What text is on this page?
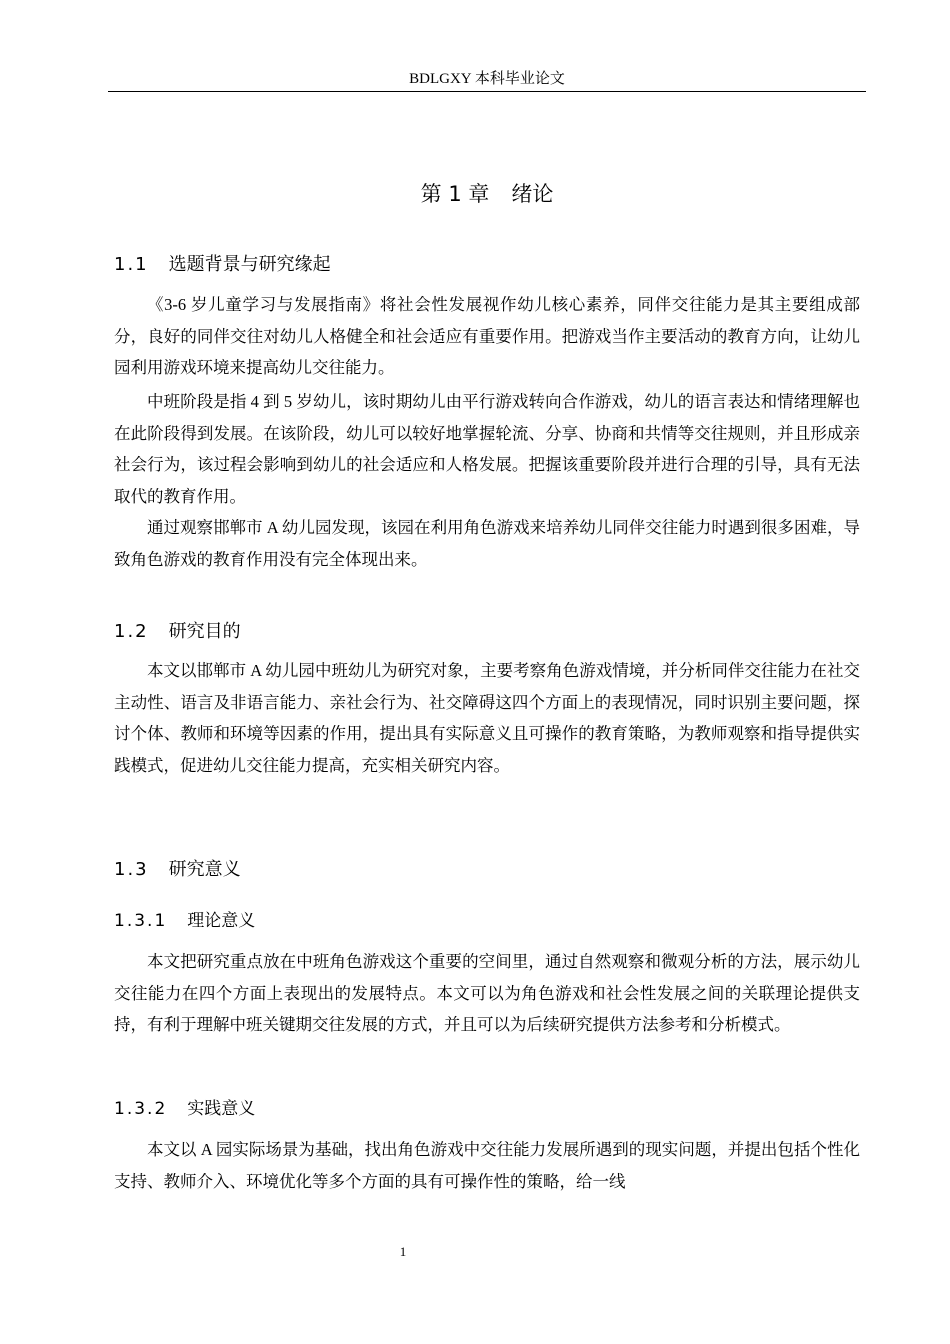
BDLGXY 本科毕业论文
第 1 章 绪论
1.1 选题背景与研究缘起

《3-6 岁儿童学习与发展指南》将社会性发展视作幼儿核心素养，同伴交往能力是其主要组成部分，良好的同伴交往对幼儿人格健全和社会适应有重要作用。把游戏当作主要活动的教育方向，让幼儿园利用游戏环境来提高幼儿交往能力。

中班阶段是指 4 到 5 岁幼儿，该时期幼儿由平行游戏转向合作游戏，幼儿的语言表达和情绪理解也在此阶段得到发展。在该阶段，幼儿可以较好地掌握轮流、分享、协商和共情等交往规则，并且形成亲社会行为，该过程会影响到幼儿的社会适应和人格发展。把握该重要阶段并进行合理的引导，具有无法取代的教育作用。

通过观察邯郸市 A 幼儿园发现，该园在利用角色游戏来培养幼儿同伴交往能力时遇到很多困难，导致角色游戏的教育作用没有完全体现出来。

1.2 研究目的

本文以邯郸市 A 幼儿园中班幼儿为研究对象，主要考察角色游戏情境，并分析同伴交往能力在社交主动性、语言及非语言能力、亲社会行为、社交障碍这四个方面上的表现情况，同时识别主要问题，探讨个体、教师和环境等因素的作用，提出具有实际意义且可操作的教育策略，为教师观察和指导提供实践模式，促进幼儿交往能力提高，充实相关研究内容。

1.3 研究意义
1.3.1 理论意义

本文把研究重点放在中班角色游戏这个重要的空间里，通过自然观察和微观分析的方法，展示幼儿交往能力在四个方面上表现出的发展特点。本文可以为角色游戏和社会性发展之间的关联理论提供支持，有利于理解中班关键期交往发展的方式，并且可以为后续研究提供方法参考和分析模式。

1.3.2 实践意义

本文以 A 园实际场景为基础，找出角色游戏中交往能力发展所遇到的现实问题，并提出包括个性化支持、教师介入、环境优化等多个方面的具有可操作性的策略，给一线

1
